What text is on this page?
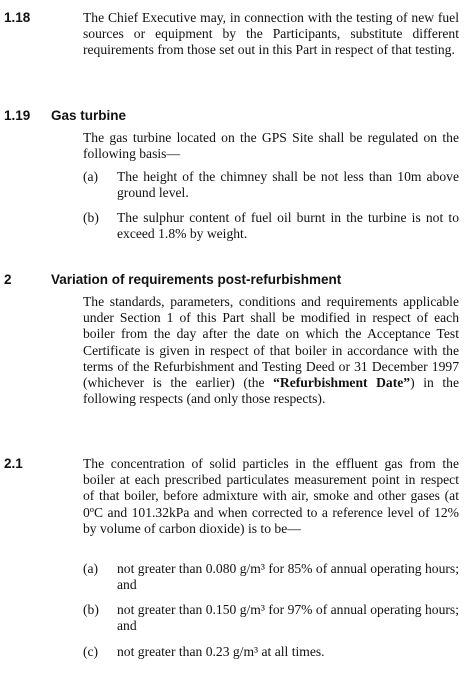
1.18	The Chief Executive may, in connection with the testing of new fuel sources or equipment by the Participants, substitute different requirements from those set out in this Part in respect of that testing.
1.19 Gas turbine
The gas turbine located on the GPS Site shall be regulated on the following basis—
(a) The height of the chimney shall be not less than 10m above ground level.
(b) The sulphur content of fuel oil burnt in the turbine is not to exceed 1.8% by weight.
2	Variation of requirements post-refurbishment
The standards, parameters, conditions and requirements applicable under Section 1 of this Part shall be modified in respect of each boiler from the day after the date on which the Acceptance Test Certificate is given in respect of that boiler in accordance with the terms of the Refurbishment and Testing Deed or 31 December 1997 (whichever is the earlier) (the “Refurbishment Date”) in the following respects (and only those respects).
2.1	The concentration of solid particles in the effluent gas from the boiler at each prescribed particulates measurement point in respect of that boiler, before admixture with air, smoke and other gases (at 0ºC and 101.32kPa and when corrected to a reference level of 12% by volume of carbon dioxide) is to be—
(a) not greater than 0.080 g/m³ for 85% of annual operating hours; and
(b) not greater than 0.150 g/m³ for 97% of annual operating hours; and
(c) not greater than 0.23 g/m³ at all times.
